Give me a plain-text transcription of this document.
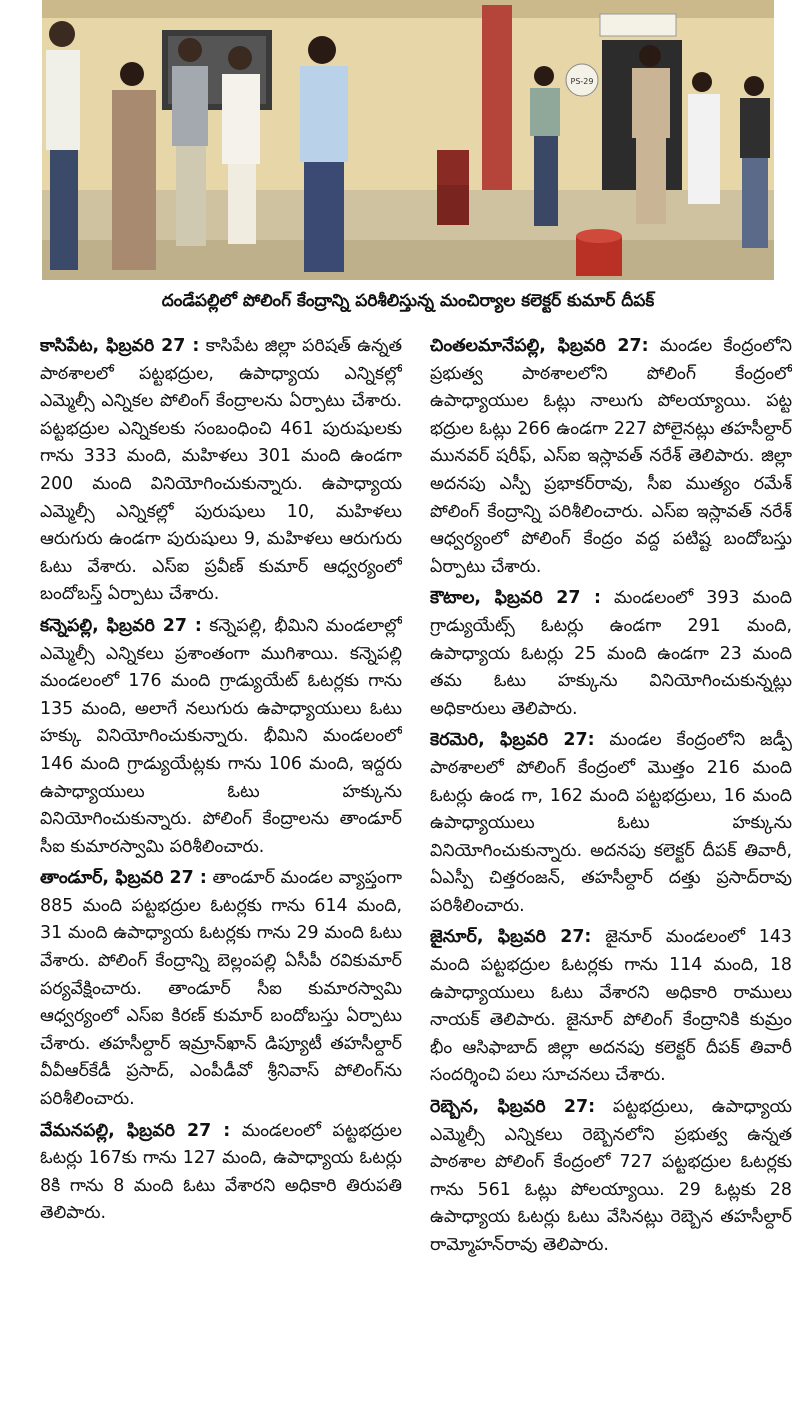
PS-29
దండేపల్లిలో పోలింగ్ కేంద్రాన్ని పరిశీలిస్తున్న మంచిర్యాల కలెక్టర్ కుమార్ దీపక్

కాసిపేట, ఫిబ్రవరి 27 : కాసిపేట జిల్లా పరిషత్ ఉన్నత పాఠశాలలో పట్టభద్రుల, ఉపాధ్యాయ ఎన్నికల్లో ఎమ్మెల్సీ ఎన్నికల పోలింగ్ కేంద్రాలను ఏర్పాటు చేశారు. పట్టభద్రుల ఎన్నికలకు సంబంధించి 461 పురుషులకు గాను 333 మంది, మహిళలు 301 మంది ఉండగా 200 మంది వినియోగించుకున్నారు. ఉపాధ్యాయ ఎమ్మెల్సీ ఎన్నికల్లో పురుషులు 10, మహిళలు ఆరుగురు ఉండగా పురుషులు 9, మహిళలు ఆరుగురు ఓటు వేశారు. ఎస్ఐ ప్రవీణ్ కుమార్ ఆధ్వర్యంలో బందోబస్త్ ఏర్పాటు చేశారు.

కన్నెపల్లి, ఫిబ్రవరి 27 : కన్నెపల్లి, భీమిని మండలాల్లో ఎమ్మెల్సీ ఎన్నికలు ప్రశాంతంగా ముగిశాయి. కన్నెపల్లి మండలంలో 176 మంది గ్రాడ్యుయేట్ ఓటర్లకు గాను 135 మంది, అలాగే నలుగురు ఉపాధ్యాయులు ఓటు హక్కు వినియోగించుకున్నారు. భీమిని మండలంలో 146 మంది గ్రాడ్యుయేట్లకు గాను 106 మంది, ఇద్దరు ఉపాధ్యాయులు ఓటు హక్కును వినియోగించుకున్నారు. పోలింగ్ కేంద్రాలను తాండూర్ సీఐ కుమారస్వామి పరిశీలించారు.

తాండూర్, ఫిబ్రవరి 27 : తాండూర్ మండల వ్యాప్తంగా 885 మంది పట్టభద్రుల ఓటర్లకు గాను 614 మంది, 31 మంది ఉపాధ్యాయ ఓటర్లకు గాను 29 మంది ఓటు వేశారు. పోలింగ్ కేంద్రాన్ని బెల్లంపల్లి ఏసీపీ రవికుమార్ పర్యవేక్షించారు. తాండూర్ సీఐ కుమారస్వామి ఆధ్వర్యంలో ఎస్ఐ కిరణ్ కుమార్ బందోబస్తు ఏర్పాటు చేశారు. తహసీల్దార్ ఇమ్రాన్‌ఖాన్ డిప్యూటీ తహసీల్దార్ వీవీఆర్‌కేడీ ప్రసాద్, ఎంపీడీవో శ్రీనివాస్ పోలింగ్‌ను పరిశీలించారు.

వేమనపల్లి, ఫిబ్రవరి 27 : మండలంలో పట్టభద్రుల ఓటర్లు 167కు గాను 127 మంది, ఉపాధ్యాయ ఓటర్లు 8కి గాను 8 మంది ఓటు వేశారని అధికారి తిరుపతి తెలిపారు.

చింతలమానేపల్లి, ఫిబ్రవరి 27: మండల కేంద్రంలోని ప్రభుత్వ పాఠశాలలోని పోలింగ్ కేంద్రంలో ఉపాధ్యాయుల ఓట్లు నాలుగు పోలయ్యాయి. పట్ట భద్రుల ఓట్లు 266 ఉండగా 227 పోలైనట్లు తహసీల్దార్ మునవర్ షరీఫ్, ఎస్ఐ ఇస్లావత్ నరేశ్ తెలిపారు. జిల్లా అదనపు ఎస్పీ ప్రభాకర్‌రావు, సీఐ ముత్యం రమేశ్ పోలింగ్ కేంద్రాన్ని పరిశీలించారు. ఎస్ఐ ఇస్లావత్ నరేశ్ ఆధ్వర్యంలో పోలింగ్ కేంద్రం వద్ద పటిష్ట బందోబస్తు ఏర్పాటు చేశారు.

కౌటాల, ఫిబ్రవరి 27 : మండలంలో 393 మంది గ్రాడ్యుయేట్స్ ఓటర్లు ఉండగా 291 మంది, ఉపాధ్యాయ ఓటర్లు 25 మంది ఉండగా 23 మంది తమ ఓటు హక్కును వినియోగించుకున్నట్లు అధికారులు తెలిపారు.

కెరమెరి, ఫిబ్రవరి 27: మండల కేంద్రంలోని జడ్పీ పాఠశాలలో పోలింగ్ కేంద్రంలో మొత్తం 216 మంది ఓటర్లు ఉండ గా, 162 మంది పట్టభద్రులు, 16 మంది ఉపాధ్యాయులు ఓటు హక్కును వినియోగించుకున్నారు. అదనపు కలెక్టర్ దీపక్ తివారీ, ఏఎస్పీ చిత్తరంజన్, తహసీల్దార్ దత్తు ప్రసాద్‌రావు పరిశీలించారు.

జైనూర్, ఫిబ్రవరి 27: జైనూర్ మండలంలో 143 మంది పట్టభద్రుల ఓటర్లకు గాను 114 మంది, 18 ఉపాధ్యాయులు ఓటు వేశారని అధికారి రాములు నాయక్ తెలిపారు. జైనూర్ పోలింగ్ కేంద్రానికి కుమ్రం భీం ఆసిఫాబాద్ జిల్లా అదనపు కలెక్టర్ దీపక్ తివారీ సందర్శించి పలు సూచనలు చేశారు.

రెబ్బెన, ఫిబ్రవరి 27: పట్టభద్రులు, ఉపాధ్యాయ ఎమ్మెల్సీ ఎన్నికలు రెబ్బెనలోని ప్రభుత్వ ఉన్నత పాఠశాల పోలింగ్ కేంద్రంలో 727 పట్టభద్రుల ఓటర్లకు గాను 561 ఓట్లు పోలయ్యాయి. 29 ఓట్లకు 28 ఉపాధ్యాయ ఓటర్లు ఓటు వేసినట్లు రెబ్బెన తహసీల్దార్ రామ్మోహన్‌రావు తెలిపారు.
